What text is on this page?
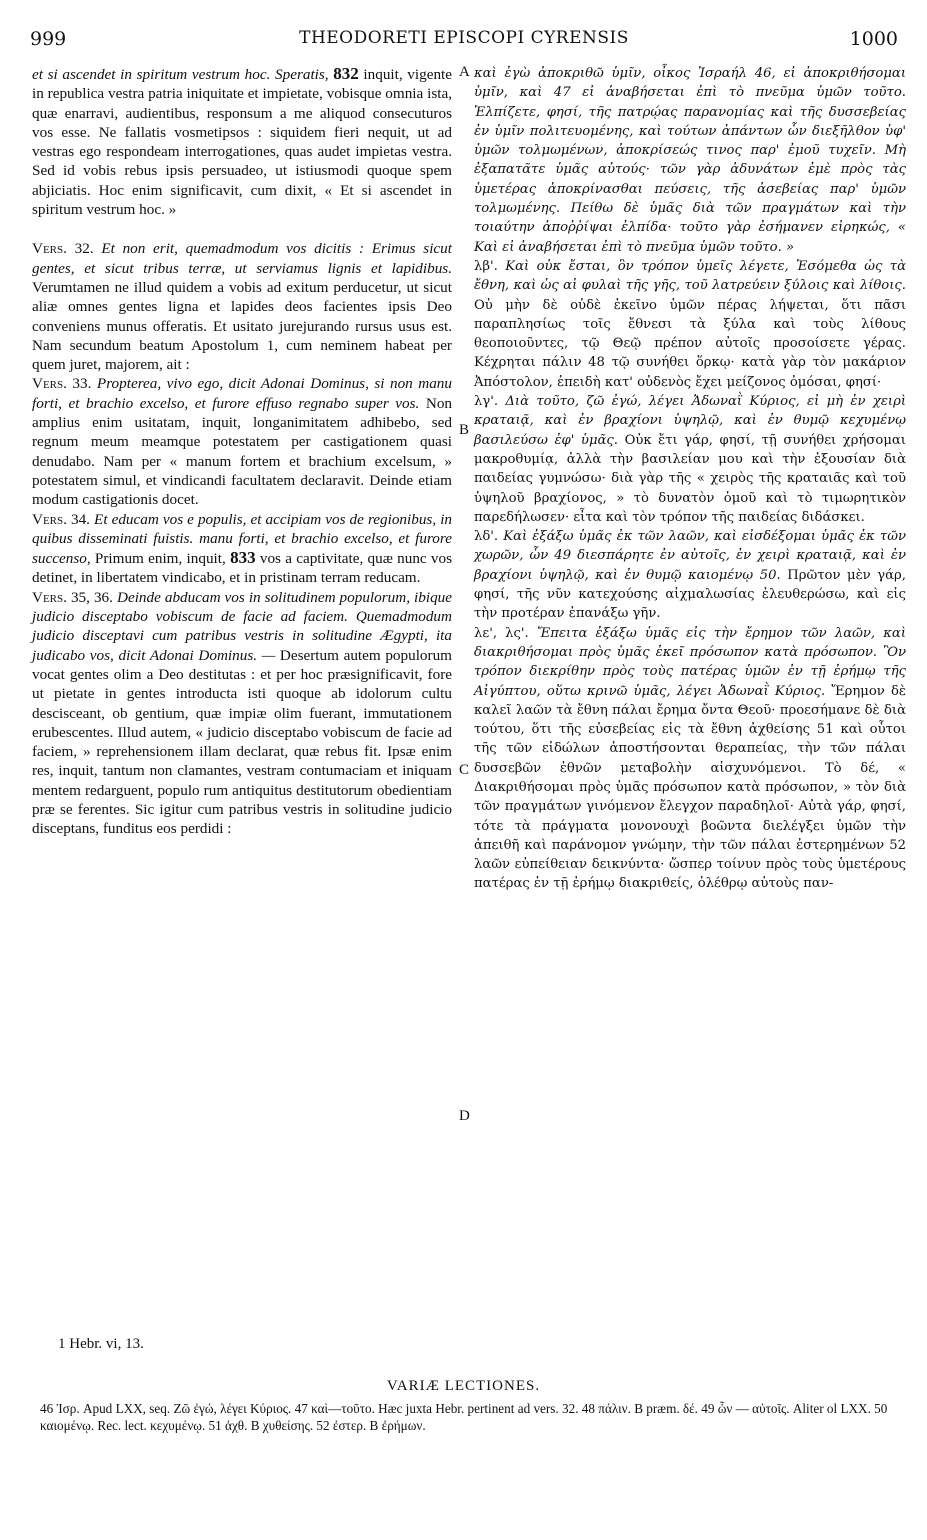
999	THEODORETI EPISCOPI CYRENSIS	1000

et si ascendet in spiritum vestrum hoc. Speratis, 832 inquit, vigente in republica vestra patria iniquitate et impietate, vobisque omnia ista, quæ enarravi, audientibus, responsum a me aliquod consecuturos vos esse. Ne fallatis vosmetipsos : siquidem fieri nequit, ut ad vestras ego respondeam interrogationes, quas audet impietas vestra. Sed id vobis rebus ipsis persuadeo, ut istiusmodi quoque spem abjiciatis. Hoc enim significavit, cum dixit, « Et si ascendet in spiritum vestrum hoc. »

Vers. 32. Et non erit, quemadmodum vos dicitis : Erimus sicut gentes, et sicut tribus terræ, ut serviamus lignis et lapidibus. Verumtamen ne illud quidem a vobis ad exitum perducetur, ut sicut aliæ omnes gentes ligna et lapides deos facientes ipsis Deo conveniens munus offeratis. Et usitato jurejurando rursus usus est. Nam secundum beatum Apostolum 1, cum neminem habeat per quem juret, majorem, ait :

Vers. 33. Propterea, vivo ego, dicit Adonai Dominus, si non manu forti, et brachio excelso, et furore effuso regnabo super vos. Non amplius enim usitatam, inquit, longanimitatem adhibebo, sed regnum meum meamque potestatem per castigationem quasi denudabo. Nam per « manum fortem et brachium excelsum, » potestatem simul, et vindicandi facultatem declaravit. Deinde etiam modum castigationis docet.

Vers. 34. Et educam vos e populis, et accipiam vos de regionibus, in quibus disseminati fuistis. manu forti, et brachio excelso, et furore succenso, Primum enim, inquit, 833 vos a captivitate, quæ nunc vos detinet, in libertatem vindicabo, et in pristinam terram reducam.

Vers. 35, 36. Deinde abducam vos in solitudinem populorum, ibique judicio disceptabo vobiscum de facie ad faciem. Quemadmodum judicio disceptavi cum patribus vestris in solitudine Ægypti, ita judicabo vos, dicit Adonai Dominus. — Desertum autem populorum vocat gentes olim a Deo destitutas : et per hoc præsignificavit, fore ut pietate in gentes introducta isti quoque ab idolorum cultu descisceant, ob gentium, quæ impiæ olim fuerant, immutationem erubescentes. Illud autem, « judicio disceptabo vobiscum de facie ad faciem, » reprehensionem illam declarat, quæ rebus fit. Ipsæ enim res, inquit, tantum non clamantes, vestram contumaciam et iniquam mentem redarguent, populo rum antiquitus destitutorum obedientiam præ se ferentes. Sic igitur cum patribus vestris in solitudine judicio disceptans, funditus eos perdidi :

A
B
C
D

καὶ ἐγὼ ἀποκριθῶ ὑμῖν, οἶκος Ἰσραήλ 46, εἰ ἀποκριθήσομαι ὑμῖν, καὶ 47 εἰ ἀναβήσεται ἐπὶ τὸ πνεῦμα ὑμῶν τοῦτο. Ἐλπίζετε, φησί, τῆς πατρῴας παρανομίας καὶ τῆς δυσσεβείας ἐν ὑμῖν πολιτευομένης, καὶ τούτων ἁπάντων ὧν διεξῆλθον ὑφ' ὑμῶν τολμωμένων, ἀποκρίσεώς τινος παρ' ἐμοῦ τυχεῖν. Μὴ ἐξαπατᾶτε ὑμᾶς αὐτούς· τῶν γὰρ ἀδυνάτων ἐμὲ πρὸς τὰς ὑμετέρας ἀποκρίνασθαι πεύσεις, τῆς ἀσεβείας παρ' ὑμῶν τολμωμένης. Πείθω δὲ ὑμᾶς διὰ τῶν πραγμάτων καὶ τὴν τοιαύτην ἀποῤῥίψαι ἐλπίδα· τοῦτο γὰρ ἐσήμανεν εἰρηκώς, « Καὶ εἰ ἀναβήσεται ἐπὶ τὸ πνεῦμα ὑμῶν τοῦτο. »

λβ'. Καὶ οὐκ ἔσται, ὃν τρόπον ὑμεῖς λέγετε, Ἐσόμεθα ὡς τὰ ἔθνη, καὶ ὡς αἱ φυλαὶ τῆς γῆς, τοῦ λατρεύειν ξύλοις καὶ λίθοις. Οὐ μὴν δὲ οὐδὲ ἐκεῖνο ὑμῶν πέρας λήψεται, ὅτι πᾶσι παραπλησίως τοῖς ἔθνεσι τὰ ξύλα καὶ τοὺς λίθους θεοποιοῦντες, τῷ Θεῷ πρέπον αὐτοῖς προσοίσετε γέρας. Κέχρηται πάλιν 48 τῷ συνήθει ὅρκῳ· κατὰ γὰρ τὸν μακάριον Ἀπόστολον, ἐπειδὴ κατ' οὐδενὸς ἔχει μείζονος ὀμόσαι, φησί·

λγ'. Διὰ τοῦτο, ζῶ ἐγώ, λέγει Ἀδωναῒ Κύριος, εἰ μὴ ἐν χειρὶ κραταιᾷ, καὶ ἐν βραχίονι ὑψηλῷ, καὶ ἐν θυμῷ κεχυμένῳ βασιλεύσω ἐφ' ὑμᾶς. Οὐκ ἔτι γάρ, φησί, τῇ συνήθει χρήσομαι μακροθυμίᾳ, ἀλλὰ τὴν βασιλείαν μου καὶ τὴν ἐξουσίαν διὰ παιδείας γυμνώσω· διὰ γὰρ τῆς « χειρὸς τῆς κραταιᾶς καὶ τοῦ ὑψηλοῦ βραχίονος, » τὸ δυνατὸν ὁμοῦ καὶ τὸ τιμωρητικὸν παρεδήλωσεν· εἶτα καὶ τὸν τρόπον τῆς παιδείας διδάσκει.

λδ'. Καὶ ἐξάξω ὑμᾶς ἐκ τῶν λαῶν, καὶ εἰσδέξομαι ὑμᾶς ἐκ τῶν χωρῶν, ὧν 49 διεσπάρητε ἐν αὐτοῖς, ἐν χειρὶ κραταιᾷ, καὶ ἐν βραχίονι ὑψηλῷ, καὶ ἐν θυμῷ καιομένῳ 50. Πρῶτον μὲν γάρ, φησί, τῆς νῦν κατεχούσης αἰχμαλωσίας ἐλευθερώσω, καὶ εἰς τὴν προτέραν ἐπανάξω γῆν.

λε', λς'. Ἔπειτα ἐξάξω ὑμᾶς εἰς τὴν ἔρημον τῶν λαῶν, καὶ διακριθήσομαι πρὸς ὑμᾶς ἐκεῖ πρόσωπον κατὰ πρόσωπον. Ὃν τρόπον διεκρίθην πρὸς τοὺς πατέρας ὑμῶν ἐν τῇ ἐρήμῳ τῆς Αἰγύπτου, οὕτω κρινῶ ὑμᾶς, λέγει Ἀδωναῒ Κύριος. Ἔρημον δὲ καλεῖ λαῶν τὰ ἔθνη πάλαι ἔρημα ὄντα Θεοῦ· προεσήμανε δὲ διὰ τούτου, ὅτι τῆς εὐσεβείας εἰς τὰ ἔθνη ἀχθείσης 51 καὶ οὗτοι τῆς τῶν εἰδώλων ἀποστήσονται θεραπείας, τὴν τῶν πάλαι δυσσεβῶν ἐθνῶν μεταβολὴν αἰσχυνόμενοι. Τὸ δέ, « Διακριθήσομαι πρὸς ὑμᾶς πρόσωπον κατὰ πρόσωπον, » τὸν διὰ τῶν πραγμάτων γινόμενον ἔλεγχον παραδηλοῖ· Αὐτὰ γάρ, φησί, τότε τὰ πράγματα μονονουχὶ βοῶντα διελέγξει ὑμῶν τὴν ἀπειθῆ καὶ παράνομον γνώμην, τὴν τῶν πάλαι ἐστερημένων 52 λαῶν εὐπείθειαν δεικνύντα· ὥσπερ τοίνυν πρὸς τοὺς ὑμετέρους πατέρας ἐν τῇ ἐρήμῳ διακριθείς, ὀλέθρῳ αὐτοὺς παν-

1 Hebr. vi, 13.
VARIÆ LECTIONES.

46 Ἰσρ. Apud LXX, seq. Ζῶ ἐγώ, λέγει Κύριος. 47 καὶ—τοῦτο. Hæc juxta Hebr. pertinent ad vers. 32. 48 πάλιν. B præm. δέ. 49 ὧν — αὐτοῖς. Aliter ol LXX. 50 καιομένῳ. Rec. lect. κεχυμένῳ. 51 ἀχθ. B χυθείσης. 52 ἐστερ. B ἐρήμων.
